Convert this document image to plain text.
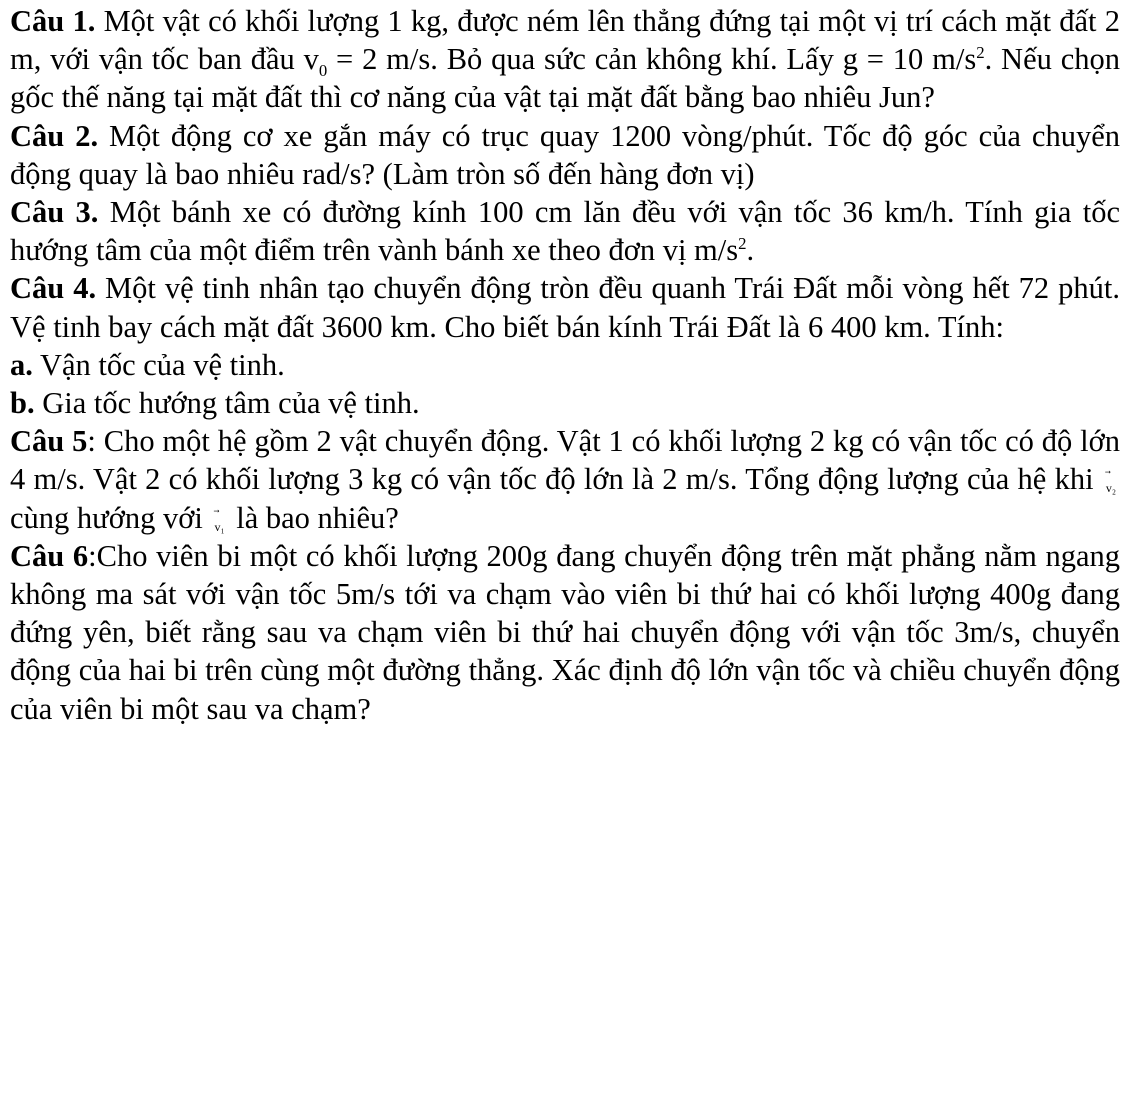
Câu 1. Một vật có khối lượng 1 kg, được ném lên thẳng đứng tại một vị trí cách mặt đất 2 m, với vận tốc ban đầu $v_0 = 2$ m/s. Bỏ qua sức cản không khí. Lấy g = 10 $m/s^2$. Nếu chọn gốc thế năng tại mặt đất thì cơ năng của vật tại mặt đất bằng bao nhiêu Jun?

Câu 2. Một động cơ xe gắn máy có trục quay 1200 vòng/phút. Tốc độ góc của chuyển động quay là bao nhiêu rad/s? (Làm tròn số đến hàng đơn vị)

Câu 3. Một bánh xe có đường kính 100 cm lăn đều với vận tốc 36 km/h. Tính gia tốc hướng tâm của một điểm trên vành bánh xe theo đơn vị $m/s^2$.

Câu 4. Một vệ tinh nhân tạo chuyển động tròn đều quanh Trái Đất mỗi vòng hết 72 phút. Vệ tinh bay cách mặt đất 3600 km. Cho biết bán kính Trái Đất là 6 400 km. Tính:

a. Vận tốc của vệ tinh.

b. Gia tốc hướng tâm của vệ tinh.

Câu 5: Cho một hệ gồm 2 vật chuyển động. Vật 1 có khối lượng 2 kg có vận tốc có độ lớn 4 m/s. Vật 2 có khối lượng 3 kg có vận tốc độ lớn là 2 m/s. Tổng động lượng của hệ khi v₂
cùng hướng với v₁ là bao nhiêu?

Câu 6:Cho viên bi một có khối lượng 200g đang chuyển động trên mặt phẳng nằm ngang không ma sát với vận tốc 5m/s tới va chạm vào viên bi thứ hai có khối lượng 400g đang đứng yên, biết rằng sau va chạm viên bi thứ hai chuyển động với vận tốc 3m/s, chuyển động của hai bi trên cùng một đường thẳng. Xác định độ lớn vận tốc và chiều chuyển động của viên bi một sau va chạm?
